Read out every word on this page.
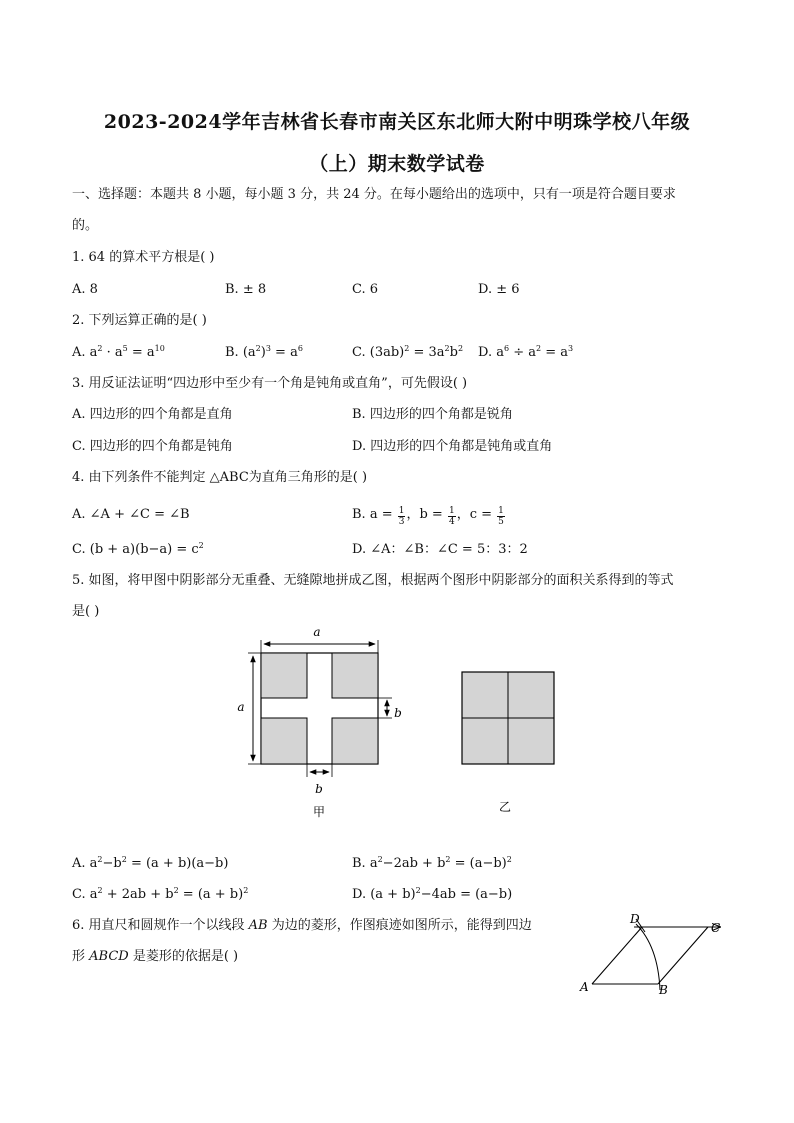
2023-2024学年吉林省长春市南关区东北师大附中明珠学校八年级
（上）期末数学试卷
一、选择题：本题共 8 小题，每小题 3 分，共 24 分。在每小题给出的选项中，只有一项是符合题目要求
的。
1. 64 的算术平方根是( )
A. 8	B. ± 8	C. 6	D. ± 6
2. 下列运算正确的是( )
A. $a^2 \cdot a^5 = a^{10}$	B. $(a^2)^3 = a^6$	C. $(3ab)^2 = 3a^2b^2$ D. $a^6 \div a^2 = a^3$
3. 用反证法证明“四边形中至少有一个角是钝角或直角”，可先假设( )
A. 四边形的四个角都是直角	B. 四边形的四个角都是锐角
C. 四边形的四个角都是钝角	D. 四边形的四个角都是钝角或直角
4. 由下列条件不能判定 △ABC为直角三角形的是( )
A. ∠A + ∠C = ∠B	B. $a = \frac{1}{3}$ ，$b = \frac{1}{4}$ ，$c = \frac{1}{5}$
C. $(b + a)(b-a) = c^2$	D. ∠A：∠B：∠C = 5：3：2
5. 如图，将甲图中阴影部分无重叠、无缝隙地拼成乙图，根据两个图形中阴影部分的面积关系得到的等式
是( )
a
a	b
b
甲	乙
A. $a^2-b^2 = (a + b)(a-b)$	B. $a^2-2ab + b^2 = (a-b)^2$
C. $a^2 + 2ab + b^2 = (a + b)^2$	D. $(a + b)^2-4ab = (a-b)$
6. 用直尺和圆规作一个以线段 AB 为边的菱形，作图痕迹如图所示，能得到四边
形 ABCD 是菱形的依据是( )
A	B
C
D
